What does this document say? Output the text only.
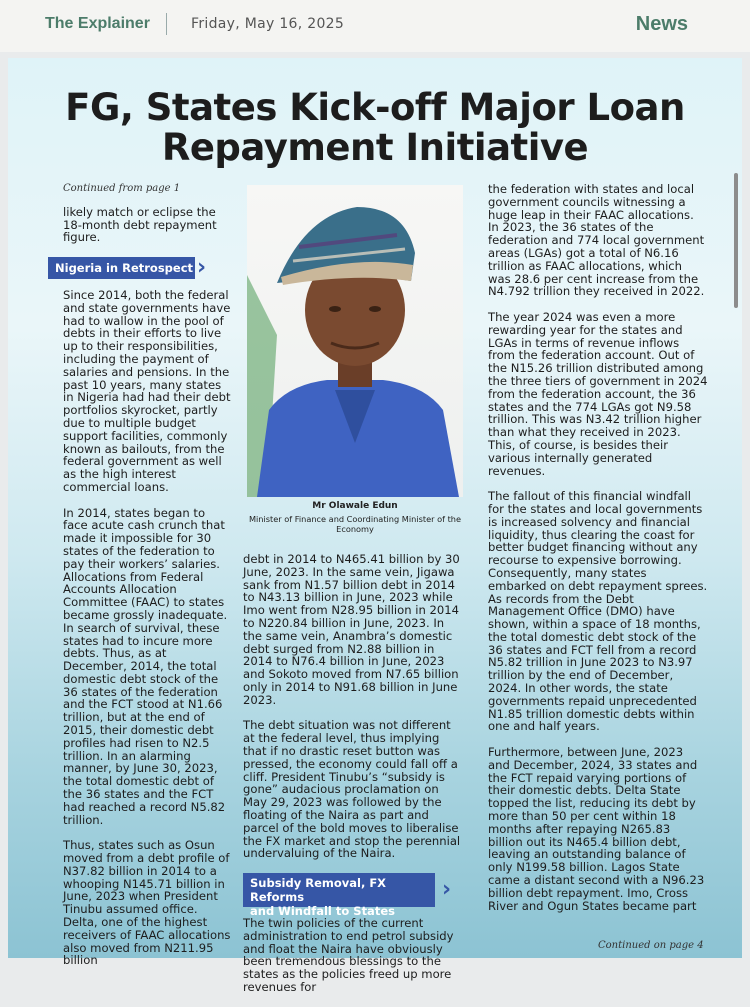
The Explainer	Friday, May 16, 2025	News
FG, States Kick-off Major Loan
Repayment Initiative
Continued from page 1

likely match or eclipse the 18-month debt repayment figure.

Nigeria in Retrospect ›

Since 2014, both the federal and state governments have had to wallow in the pool of debts in their efforts to live up to their responsibilities, including the payment of salaries and pensions. In the past 10 years, many states in Nigeria had had their debt portfolios skyrocket, partly due to multiple budget support facilities, commonly known as bailouts, from the federal government as well as the high interest commercial loans.

In 2014, states began to face acute cash crunch that made it impossible for 30 states of the federation to pay their workers’ salaries. Allocations from Federal Accounts Allocation Committee (FAAC) to states became grossly inadequate. In search of survival, these states had to incure more debts. Thus, as at December, 2014, the total domestic debt stock of the 36 states of the federation and the FCT stood at N1.66 trillion, but at the end of 2015, their domestic debt profiles had risen to N2.5 trillion. In an alarming manner, by June 30, 2023, the total domestic debt of the 36 states and the FCT had reached a record N5.82 trillion.

Thus, states such as Osun moved from a debt profile of N37.82 billion in 2014 to a whooping N145.71 billion in June, 2023 when President Tinubu assumed office. Delta, one of the highest receivers of FAAC allocations also moved from N211.95 billion

Mr Olawale Edun
Minister of Finance and Coordinating Minister of the Economy

debt in 2014 to N465.41 billion by 30 June, 2023. In the same vein, Jigawa sank from N1.57 billion debt in 2014 to N43.13 billion in June, 2023 while Imo went from N28.95 billion in 2014 to N220.84 billion in June, 2023. In the same vein, Anambra’s domestic debt surged from N2.88 billion in 2014 to N76.4 billion in June, 2023 and Sokoto moved from N7.65 billion only in 2014 to N91.68 billion in June 2023.

The debt situation was not different at the federal level, thus implying that if no drastic reset button was pressed, the economy could fall off a cliff. President Tinubu’s “subsidy is gone” audacious proclamation on May 29, 2023 was followed by the floating of the Naira as part and parcel of the bold moves to liberalise the FX market and stop the perennial undervaluing of the Naira.

Subsidy Removal, FX Reforms
and Windfall to States
›

The twin policies of the current administration to end petrol subsidy and float the Naira have obviously been tremendous blessings to the states as the policies freed up more revenues for

the federation with states and local government councils witnessing a huge leap in their FAAC allocations. In 2023, the 36 states of the federation and 774 local government areas (LGAs) got a total of N6.16 trillion as FAAC allocations, which was 28.6 per cent increase from the N4.792 trillion they received in 2022.

The year 2024 was even a more rewarding year for the states and LGAs in terms of revenue inflows from the federation account. Out of the N15.26 trillion distributed among the three tiers of government in 2024 from the federation account, the 36 states and the 774 LGAs got N9.58 trillion. This was N3.42 trillion higher than what they received in 2023. This, of course, is besides their various internally generated revenues.

The fallout of this financial windfall for the states and local governments is increased solvency and financial liquidity, thus clearing the coast for better budget financing without any recourse to expensive borrowing. Consequently, many states embarked on debt repayment sprees. As records from the Debt Management Office (DMO) have shown, within a space of 18 months, the total domestic debt stock of the 36 states and FCT fell from a record N5.82 trillion in June 2023 to N3.97 trillion by the end of December, 2024. In other words, the state governments repaid unprecedented N1.85 trillion domestic debts within one and half years.

Furthermore, between June, 2023 and December, 2024, 33 states and the FCT repaid varying portions of their domestic debts. Delta State topped the list, reducing its debt by more than 50 per cent within 18 months after repaying N265.83 billion out its N465.4 billion debt, leaving an outstanding balance of only N199.58 billion. Lagos State came a distant second with a N96.23 billion debt repayment. Imo, Cross River and Ogun States became part

Continued on page 4
